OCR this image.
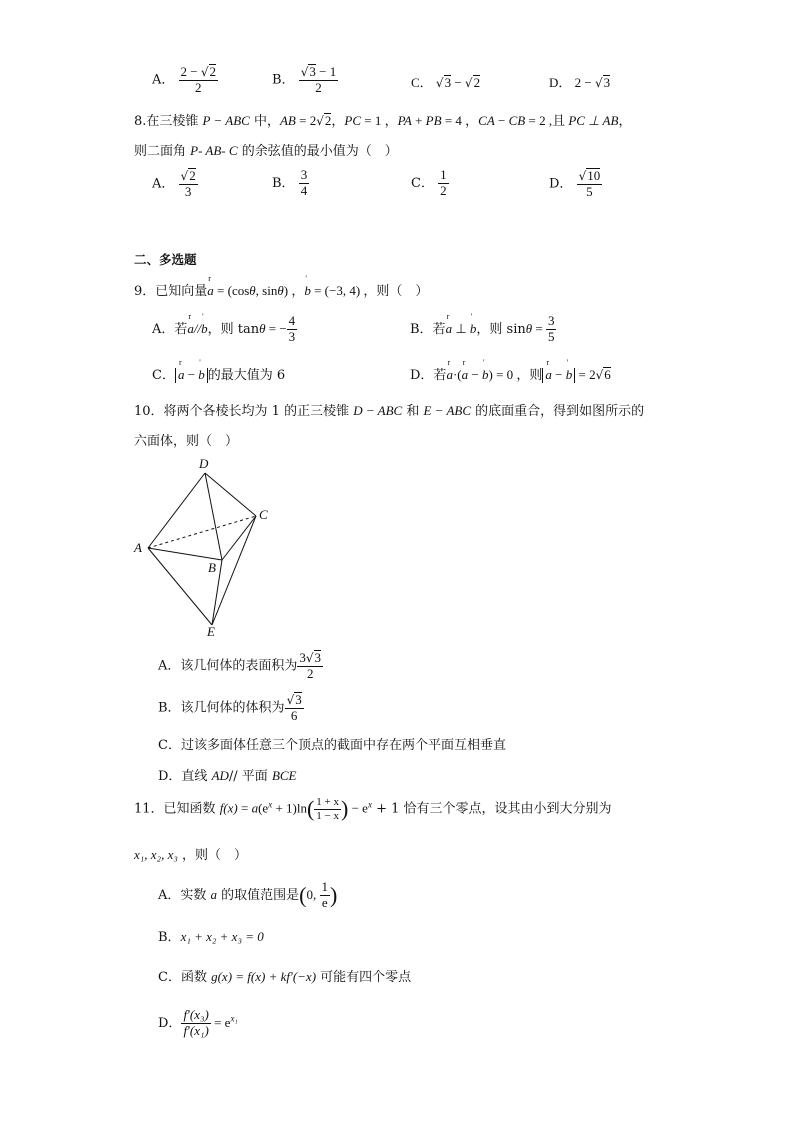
A． $\frac{2 - √2}{2}$	B． $\frac{√3 - 1}{2}$	C． √3 − √2	D． 2 − √3
8.在三棱锥 P − ABC 中，AB = 2√2，PC = 1 ，PA + PB = 4 ，CA − CB = 2 ,且 PC ⊥ AB，
则二面角 P- AB- C 的余弦值的最小值为（　）
A． $\frac{√2}{3}$	B． $\frac{3}{4}$	C． $\frac{1}{2}$	D． $\frac{√10}{5}$
二、多选题
9．已知向量r a = (cosθ, sinθ) ，' b = (−3, 4) ，则（　）
A．若r a//' b，则 tanθ = − $\frac{4}{3}$	B．若r a ⊥ ' b，则 $\sin\theta = \frac{3}{5}$
C． r a − ' b 的最大值为 6	D．若r a·(r a − ' b) = 0 ，则 r a − ' b = 2√6
10．将两个各棱长均为 1 的正三棱锥 D − ABC 和 E − ABC 的底面重合，得到如图所示的
六面体，则（　）
D
C
A
B
E
A．该几何体的表面积为 $\frac{3√3}{2}$
B．该几何体的体积为 $\frac{√3}{6}$
C．过该多面体任意三个顶点的截面中存在两个平面互相垂直
D．直线 AD// 平面 BCE
11．已知函数 $f(x) = a(e^x + 1)\ln( \frac{1 + x}{1 - x}$ ) − $e^x + 1$ 恰有三个零点，设其由小到大分别为
x₁, x₂, x₃ ，则（　）
A．实数 a 的取值范围是(0, $\frac{1}{e}$ )
B．x₁ + x₂ + x₃ = 0
C．函数 g(x) = f(x) + kf′(−x) 可能有四个零点
D． $\frac{\text{f′(x₃)}}{\text{f′(x₁)}} = e^{x_1}$
